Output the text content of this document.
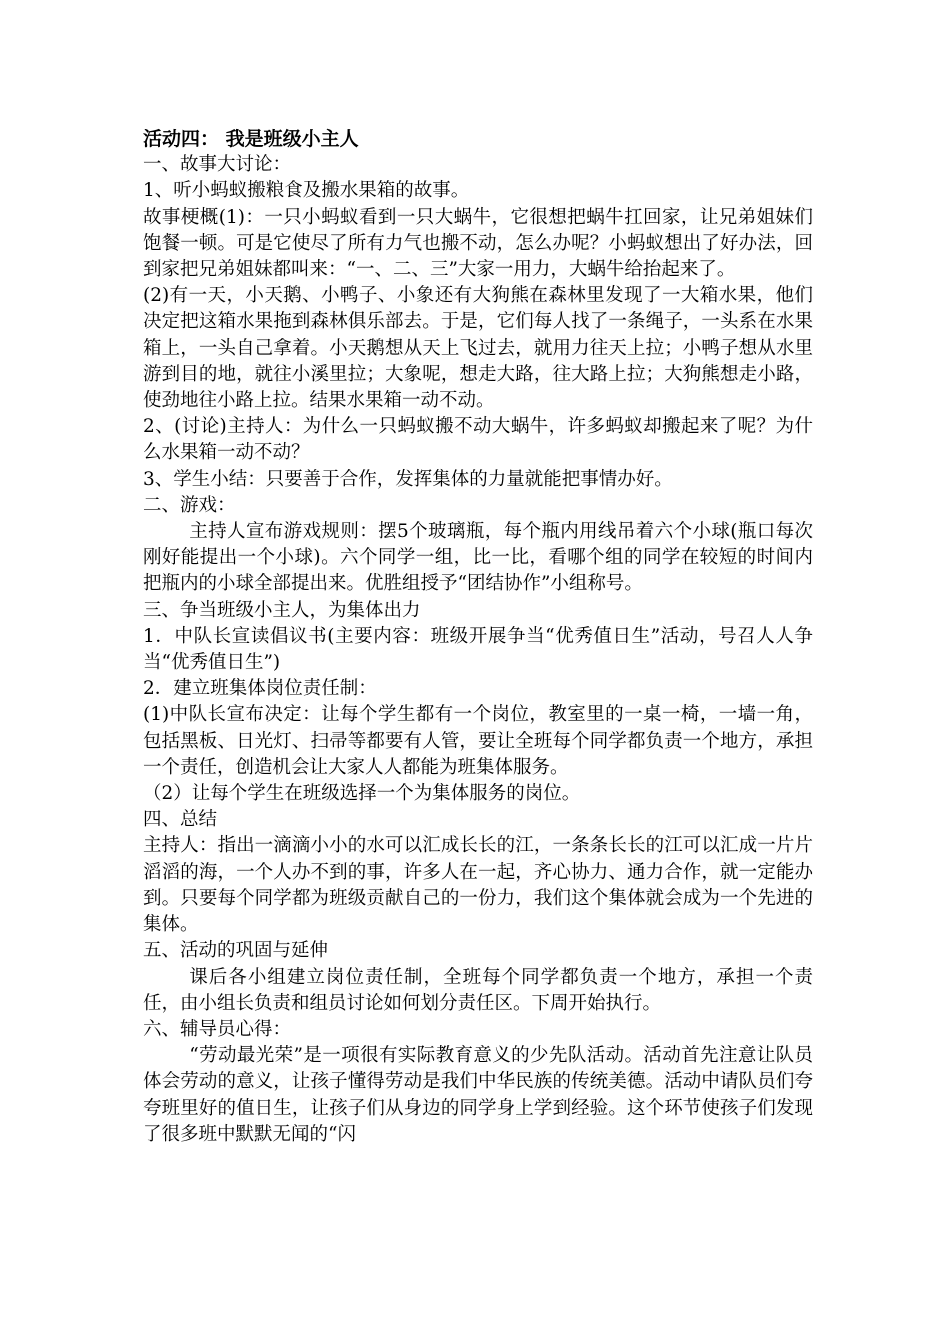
活动四： 我是班级小主人
一、故事大讨论：
1、听小蚂蚁搬粮食及搬水果箱的故事。
故事梗概(1)：一只小蚂蚁看到一只大蜗牛，它很想把蜗牛扛回家，让兄弟姐妹们饱餐一顿。可是它使尽了所有力气也搬不动，怎么办呢？小蚂蚁想出了好办法，回到家把兄弟姐妹都叫来：“一、二、三”大家一用力，大蜗牛给抬起来了。
(2)有一天，小天鹅、小鸭子、小象还有大狗熊在森林里发现了一大箱水果，他们决定把这箱水果拖到森林俱乐部去。于是，它们每人找了一条绳子，一头系在水果箱上，一头自己拿着。小天鹅想从天上飞过去，就用力往天上拉；小鸭子想从水里游到目的地，就往小溪里拉；大象呢，想走大路，往大路上拉；大狗熊想走小路，使劲地往小路上拉。结果水果箱一动不动。
2、(讨论)主持人：为什么一只蚂蚁搬不动大蜗牛，许多蚂蚁却搬起来了呢？为什么水果箱一动不动？
3、学生小结：只要善于合作，发挥集体的力量就能把事情办好。
二、游戏：
主持人宣布游戏规则：摆5个玻璃瓶，每个瓶内用线吊着六个小球(瓶口每次刚好能提出一个小球)。六个同学一组，比一比，看哪个组的同学在较短的时间内把瓶内的小球全部提出来。优胜组授予“团结协作”小组称号。
三、争当班级小主人，为集体出力
1．中队长宣读倡议书(主要内容：班级开展争当“优秀值日生”活动，号召人人争当“优秀值日生”)
2．建立班集体岗位责任制：
(1)中队长宣布决定：让每个学生都有一个岗位，教室里的一桌一椅，一墙一角，包括黑板、日光灯、扫帚等都要有人管，要让全班每个同学都负责一个地方，承担一个责任，创造机会让大家人人都能为班集体服务。
（2）让每个学生在班级选择一个为集体服务的岗位。
四、总结
主持人：指出一滴滴小小的水可以汇成长长的江，一条条长长的江可以汇成一片片滔滔的海，一个人办不到的事，许多人在一起，齐心协力、通力合作，就一定能办到。只要每个同学都为班级贡献自己的一份力，我们这个集体就会成为一个先进的集体。
五、活动的巩固与延伸
课后各小组建立岗位责任制，全班每个同学都负责一个地方，承担一个责任，由小组长负责和组员讨论如何划分责任区。下周开始执行。
六、辅导员心得：
“劳动最光荣”是一项很有实际教育意义的少先队活动。活动首先注意让队员体会劳动的意义，让孩子懂得劳动是我们中华民族的传统美德。活动中请队员们夸夸班里好的值日生，让孩子们从身边的同学身上学到经验。这个环节使孩子们发现了很多班中默默无闻的“闪
